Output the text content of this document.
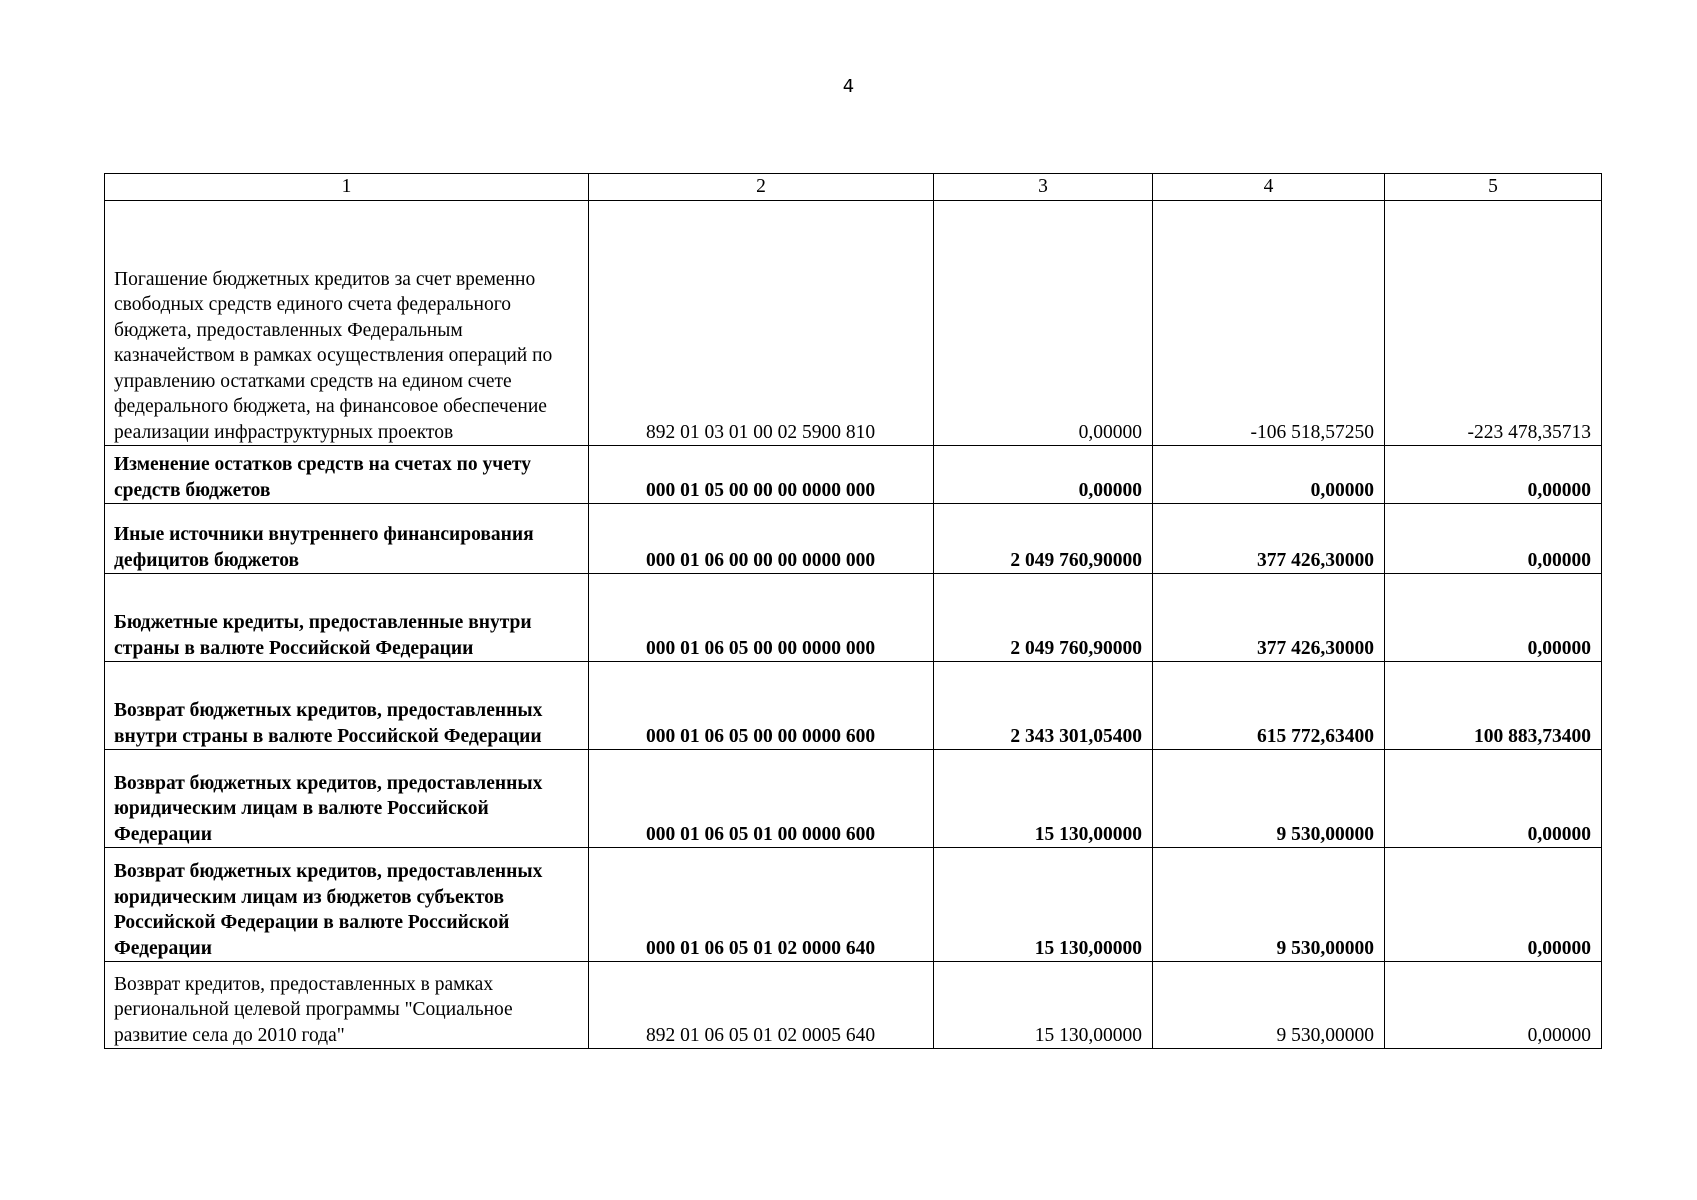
4
1	2	3	4	5
Погашение бюджетных кредитов за счет временно свободных средств единого счета федерального бюджета, предоставленных Федеральным казначейством в рамках осуществления операций по управлению остатками средств на едином счете федерального бюджета, на финансовое обеспечение реализации инфраструктурных проектов	892 01 03 01 00 02 5900 810	0,00000	-106 518,57250	-223 478,35713
Изменение остатков средств на счетах по учету средств бюджетов	000 01 05 00 00 00 0000 000	0,00000	0,00000	0,00000
Иные источники внутреннего финансирования дефицитов бюджетов	000 01 06 00 00 00 0000 000	2 049 760,90000	377 426,30000	0,00000
Бюджетные кредиты, предоставленные внутри страны в валюте Российской Федерации	000 01 06 05 00 00 0000 000	2 049 760,90000	377 426,30000	0,00000
Возврат бюджетных кредитов, предоставленных внутри страны в валюте Российской Федерации	000 01 06 05 00 00 0000 600	2 343 301,05400	615 772,63400	100 883,73400
Возврат бюджетных кредитов, предоставленных юридическим лицам в валюте Российской Федерации	000 01 06 05 01 00 0000 600	15 130,00000	9 530,00000	0,00000
Возврат бюджетных кредитов, предоставленных юридическим лицам из бюджетов субъектов Российской Федерации в валюте Российской Федерации	000 01 06 05 01 02 0000 640	15 130,00000	9 530,00000	0,00000
Возврат кредитов, предоставленных в рамках региональной целевой программы "Социальное развитие села до 2010 года"	892 01 06 05 01 02 0005 640	15 130,00000	9 530,00000	0,00000
